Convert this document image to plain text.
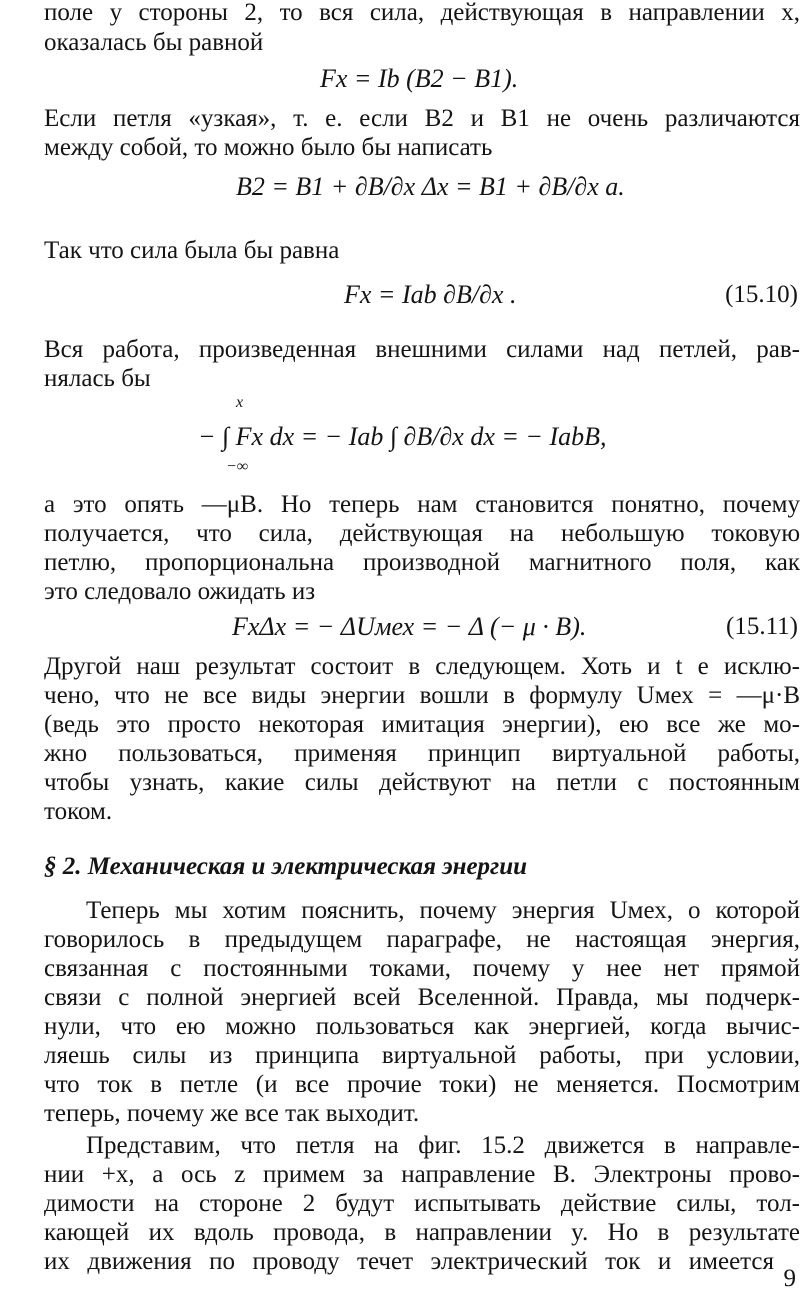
поле у стороны 2, то вся сила, действующая в направлении x,

оказалась бы равной

Fx = Ib (B2 − B1).

Если петля «узкая», т. е. если B2 и B1 не очень различаются

между собой, то можно было бы написать

B2 = B1 + ∂B/∂x Δx = B1 + ∂B/∂x a.

Так что сила была бы равна

Fx = Iab ∂B/∂x .	(15.10)

Вся работа, произведенная внешними силами над петлей, рав-

нялась бы

x
− ∫ Fx dx = − Iab ∫ ∂B/∂x dx = − IabB,
−∞

а это опять —μB. Но теперь нам становится понятно, почему

получается, что сила, действующая на небольшую токовую

петлю, пропорциональна производной магнитного поля, как

это следовало ожидать из

FxΔx = − ΔUмех = − Δ (− μ · B).	(15.11)

Другой наш результат состоит в следующем. Хоть и t е исклю-

чено, что не все виды энергии вошли в формулу Uмех = —μ·B

(ведь это просто некоторая имитация энергии), ею все же мо-

жно пользоваться, применяя принцип виртуальной работы,

чтобы узнать, какие силы действуют на петли с постоянным

током.

§ 2. Механическая и электрическая энергии

Теперь мы хотим пояснить, почему энергия Uмех, о которой

говорилось в предыдущем параграфе, не настоящая энергия,

связанная с постоянными токами, почему у нее нет прямой

связи с полной энергией всей Вселенной. Правда, мы подчерк-

нули, что ею можно пользоваться как энергией, когда вычис-

ляешь силы из принципа виртуальной работы, при условии,

что ток в петле (и все прочие токи) не меняется. Посмотрим

теперь, почему же все так выходит.

Представим, что петля на фиг. 15.2 движется в направле-

нии +x, а ось z примем за направление B. Электроны прово-

димости на стороне 2 будут испытывать действие силы, тол-

кающей их вдоль провода, в направлении y. Но в результате

их движения по проводу течет электрический ток и имеется

9
